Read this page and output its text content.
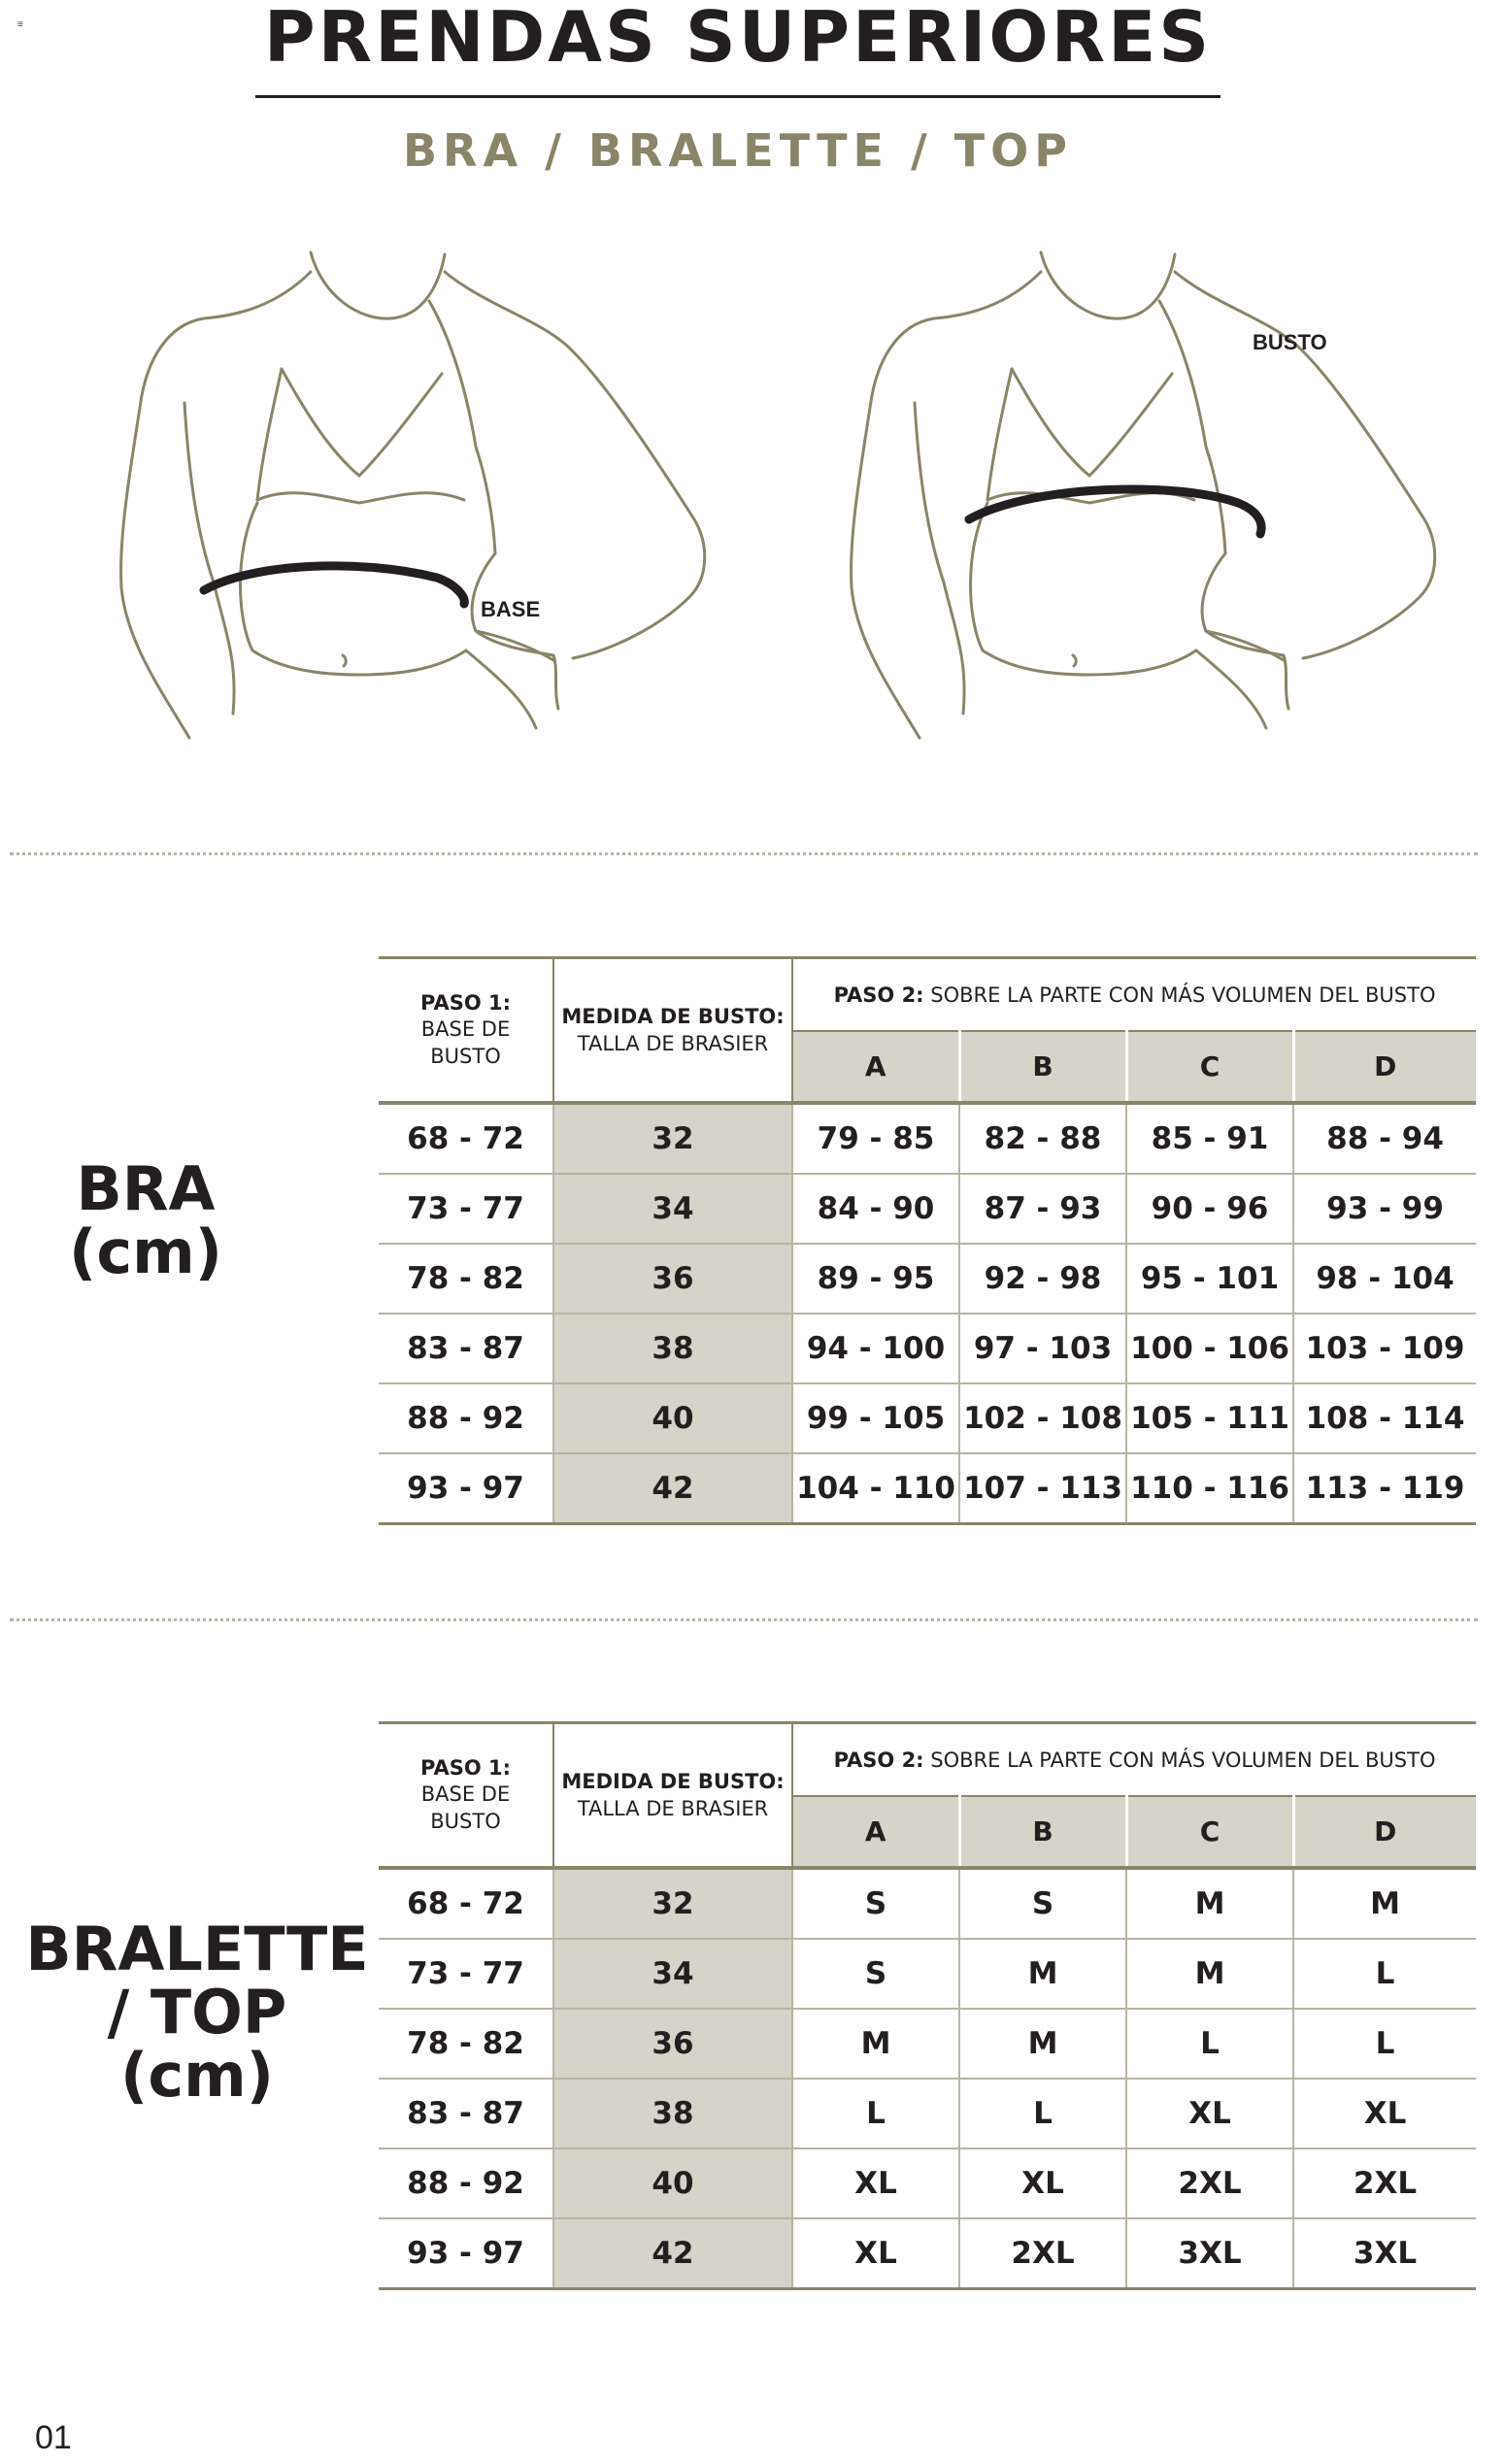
≡	PRENDAS SUPERIORES
BRA / BRALETTE / TOP
BASE
BUSTO
BRA
(cm)
PASO 1:
BASE DE
BUSTO	MEDIDA DE BUSTO:
TALLA DE BRASIER	PASO 2: SOBRE LA PARTE CON MÁS VOLUMEN DEL BUSTO			
		A	B	C	D
68 - 72	32	79 - 85	82 - 88	85 - 91	88 - 94
73 - 77	34	84 - 90	87 - 93	90 - 96	93 - 99
78 - 82	36	89 - 95	92 - 98	95 - 101	98 - 104
83 - 87	38	94 - 100	97 - 103	100 - 106	103 - 109
88 - 92	40	99 - 105	102 - 108	105 - 111	108 - 114
93 - 97	42	104 - 110	107 - 113	110 - 116	113 - 119
BRALETTE
/ TOP
(cm)
PASO 1:
BASE DE
BUSTO	MEDIDA DE BUSTO:
TALLA DE BRASIER	PASO 2: SOBRE LA PARTE CON MÁS VOLUMEN DEL BUSTO			
		A	B	C	D
68 - 72	32	S	S	M	M
73 - 77	34	S	M	M	L
78 - 82	36	M	M	L	L
83 - 87	38	L	L	XL	XL
88 - 92	40	XL	XL	2XL	2XL
93 - 97	42	XL	2XL	3XL	3XL
01
